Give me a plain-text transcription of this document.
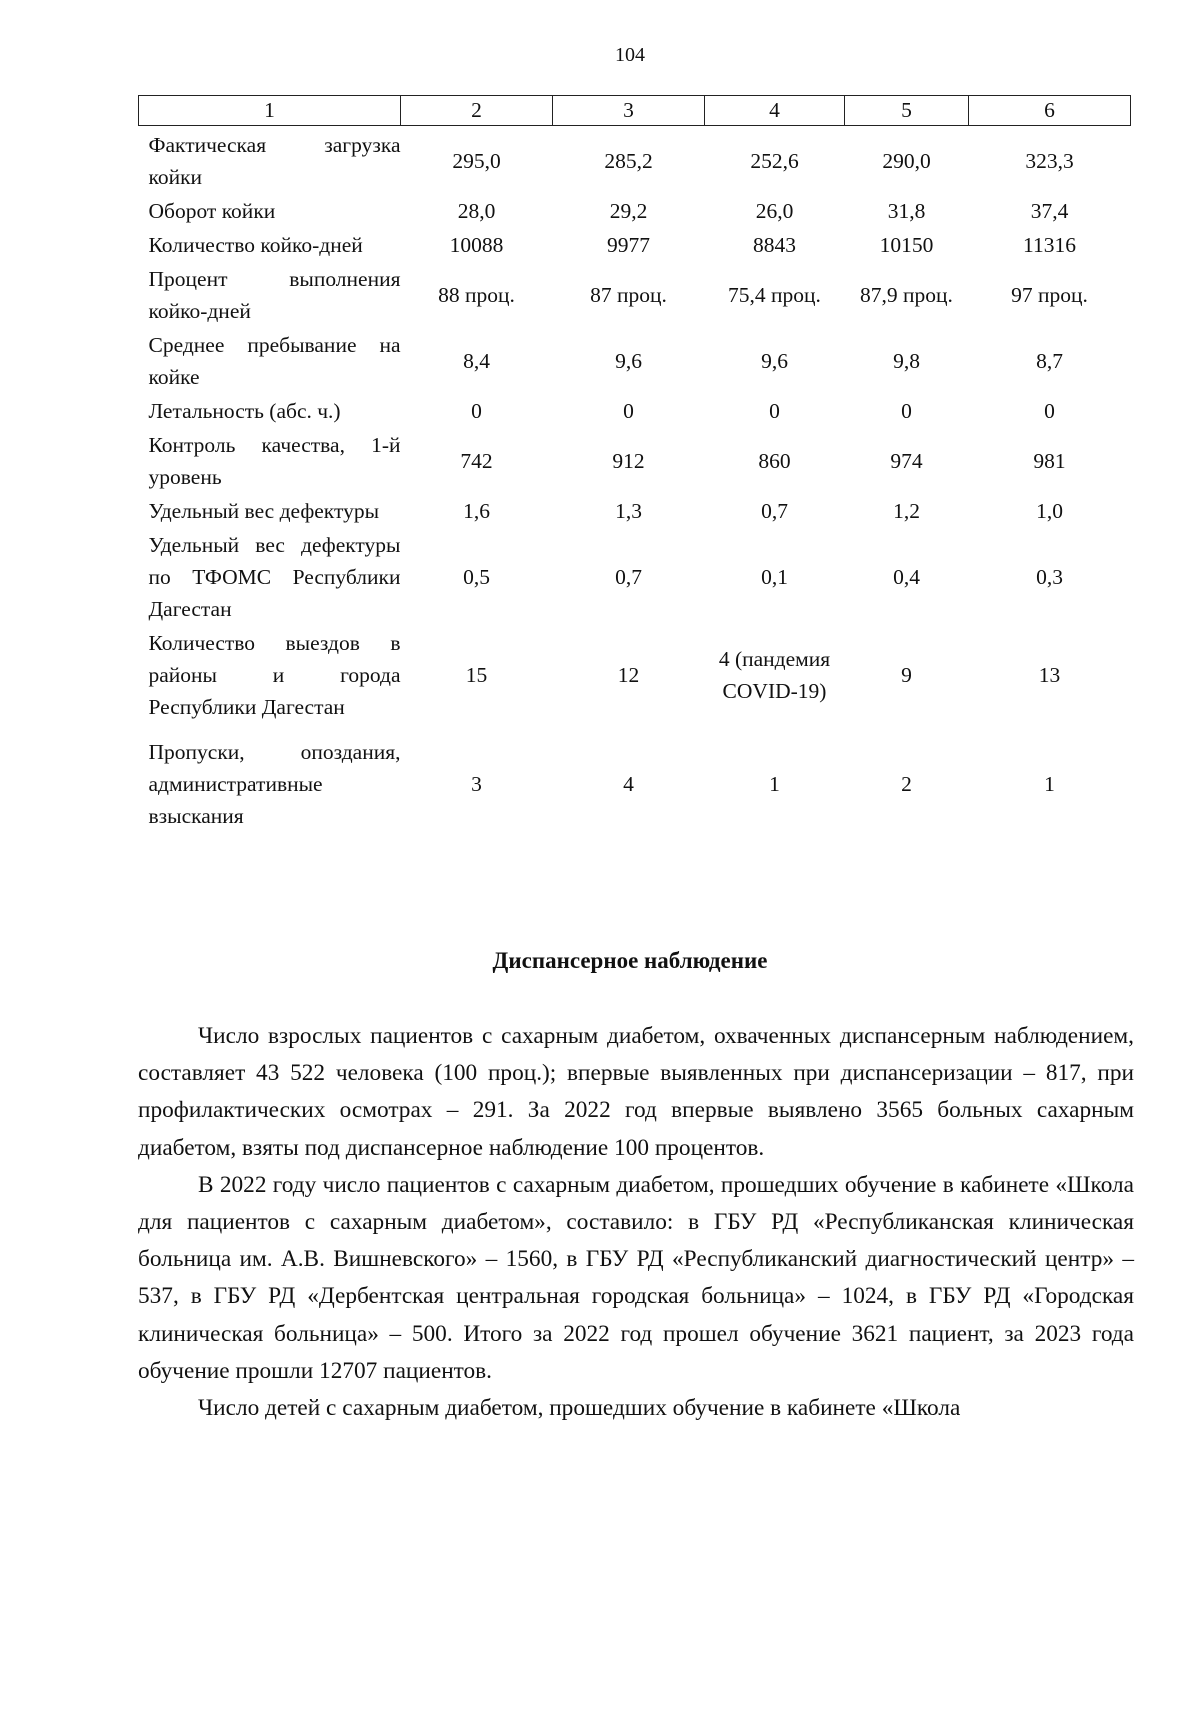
104
1	2	3	4	5	6
Фактическая загрузка койки	295,0	285,2	252,6	290,0	323,3
Оборот койки	28,0	29,2	26,0	31,8	37,4
Количество койко-дней	10088	9977	8843	10150	11316
Процент выполнения койко-дней	88 проц.	87 проц.	75,4 проц.	87,9 проц.	97 проц.
Среднее пребывание на койке	8,4	9,6	9,6	9,8	8,7
Летальность (абс. ч.)	0	0	0	0	0
Контроль качества, 1-й уровень	742	912	860	974	981
Удельный вес дефектуры	1,6	1,3	0,7	1,2	1,0
Удельный вес дефектуры по ТФОМС Республики Дагестан	0,5	0,7	0,1	0,4	0,3
Количество выездов в районы и города Республики Дагестан	15	12	4 (пандемия COVID-19)	9	13
Пропуски, опоздания, административные взыскания	3	4	1	2	1
Диспансерное наблюдение

Число взрослых пациентов с сахарным диабетом, охваченных диспансерным наблюдением, составляет 43 522 человека (100 проц.); впервые выявленных при диспансеризации – 817, при профилактических осмотрах – 291. За 2022 год впервые выявлено 3565 больных сахарным диабетом, взяты под диспансерное наблюдение 100 процентов.

В 2022 году число пациентов с сахарным диабетом, прошедших обучение в кабинете «Школа для пациентов с сахарным диабетом», составило: в ГБУ РД «Республиканская клиническая больница им. А.В. Вишневского» – 1560, в ГБУ РД «Республиканский диагностический центр» – 537, в ГБУ РД «Дербентская центральная городская больница» – 1024, в ГБУ РД «Городская клиническая больница» – 500. Итого за 2022 год прошел обучение 3621 пациент, за 2023 года обучение прошли 12707 пациентов.

Число детей с сахарным диабетом, прошедших обучение в кабинете «Школа
